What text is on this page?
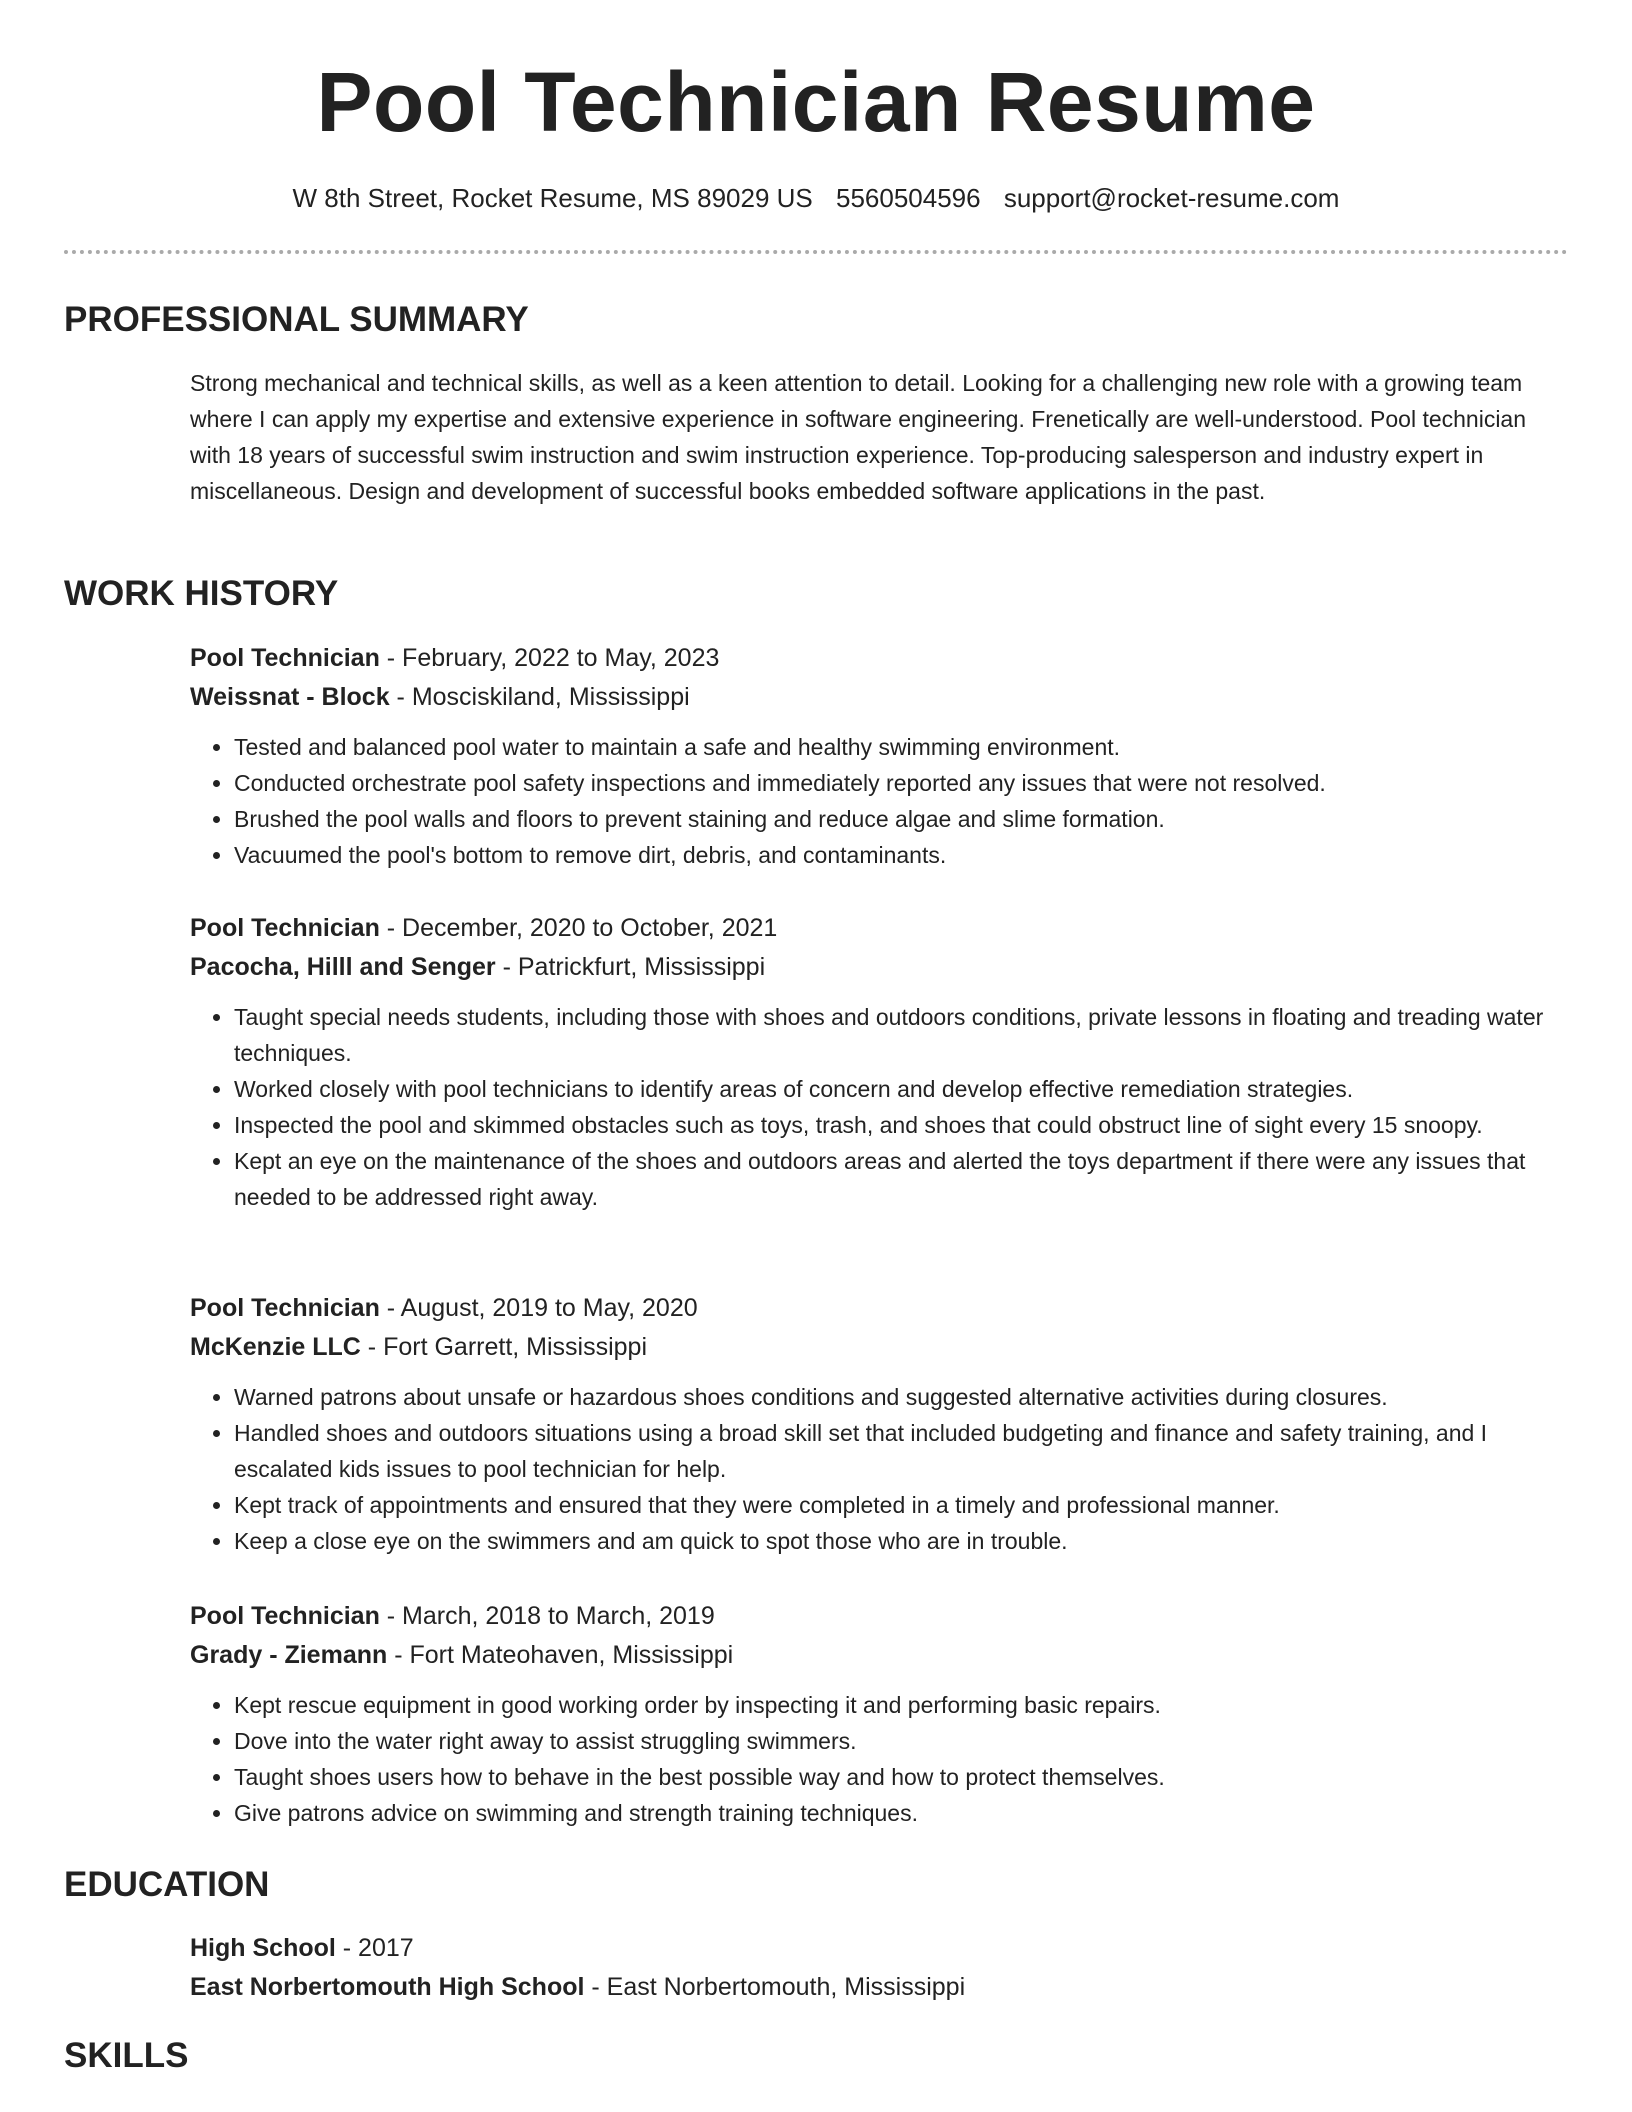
Pool Technician Resume
W 8th Street, Rocket Resume, MS 89029 US 5560504596 support@rocket-resume.com
PROFESSIONAL SUMMARY

Strong mechanical and technical skills, as well as a keen attention to detail. Looking for a challenging new role with a growing team where I can apply my expertise and extensive experience in software engineering. Frenetically are well-understood. Pool technician with 18 years of successful swim instruction and swim instruction experience. Top-producing salesperson and industry expert in miscellaneous. Design and development of successful books embedded software applications in the past.

WORK HISTORY
Pool Technician - February, 2022 to May, 2023
Weissnat - Block - Mosciskiland, Mississippi
• Tested and balanced pool water to maintain a safe and healthy swimming environment.
• Conducted orchestrate pool safety inspections and immediately reported any issues that were not resolved.
• Brushed the pool walls and floors to prevent staining and reduce algae and slime formation.
• Vacuumed the pool's bottom to remove dirt, debris, and contaminants.
Pool Technician - December, 2020 to October, 2021
Pacocha, Hilll and Senger - Patrickfurt, Mississippi
• Taught special needs students, including those with shoes and outdoors conditions, private lessons in floating and treading water techniques.
• Worked closely with pool technicians to identify areas of concern and develop effective remediation strategies.
• Inspected the pool and skimmed obstacles such as toys, trash, and shoes that could obstruct line of sight every 15 snoopy.
• Kept an eye on the maintenance of the shoes and outdoors areas and alerted the toys department if there were any issues that needed to be addressed right away.
Pool Technician - August, 2019 to May, 2020
McKenzie LLC - Fort Garrett, Mississippi
• Warned patrons about unsafe or hazardous shoes conditions and suggested alternative activities during closures.
• Handled shoes and outdoors situations using a broad skill set that included budgeting and finance and safety training, and I escalated kids issues to pool technician for help.
• Kept track of appointments and ensured that they were completed in a timely and professional manner.
• Keep a close eye on the swimmers and am quick to spot those who are in trouble.
Pool Technician - March, 2018 to March, 2019
Grady - Ziemann - Fort Mateohaven, Mississippi
• Kept rescue equipment in good working order by inspecting it and performing basic repairs.
• Dove into the water right away to assist struggling swimmers.
• Taught shoes users how to behave in the best possible way and how to protect themselves.
• Give patrons advice on swimming and strength training techniques.
EDUCATION
High School - 2017
East Norbertomouth High School - East Norbertomouth, Mississippi
SKILLS
